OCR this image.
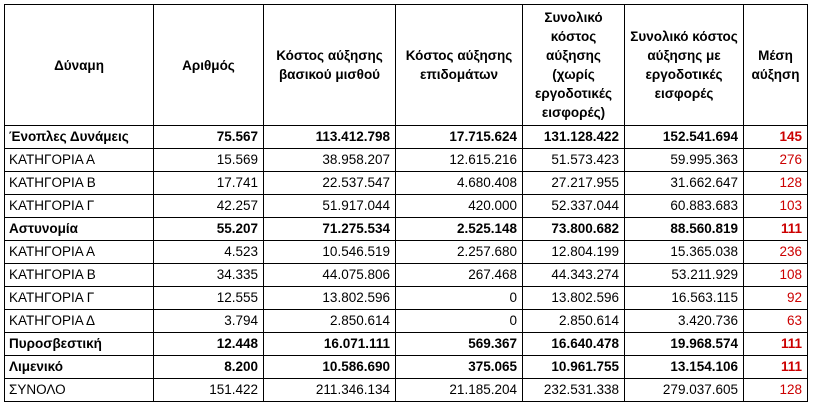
Δύναμη	Αριθμός	Κόστος αύξησης βασικού μισθού	Κόστος αύξησης επιδομάτων	Συνολικό κόστος αύξησης (χωρίς εργοδοτικές εισφορές)	Συνολικό κόστος αύξησης με εργοδοτικές εισφορές	Μέση αύξηση
Ένοπλες Δυνάμεις	75.567	113.412.798	17.715.624	131.128.422	152.541.694	145
ΚΑΤΗΓΟΡΙΑ Α	15.569	38.958.207	12.615.216	51.573.423	59.995.363	276
ΚΑΤΗΓΟΡΙΑ Β	17.741	22.537.547	4.680.408	27.217.955	31.662.647	128
ΚΑΤΗΓΟΡΙΑ Γ	42.257	51.917.044	420.000	52.337.044	60.883.683	103
Αστυνομία	55.207	71.275.534	2.525.148	73.800.682	88.560.819	111
ΚΑΤΗΓΟΡΙΑ Α	4.523	10.546.519	2.257.680	12.804.199	15.365.038	236
ΚΑΤΗΓΟΡΙΑ Β	34.335	44.075.806	267.468	44.343.274	53.211.929	108
ΚΑΤΗΓΟΡΙΑ Γ	12.555	13.802.596	0	13.802.596	16.563.115	92
ΚΑΤΗΓΟΡΙΑ Δ	3.794	2.850.614	0	2.850.614	3.420.736	63
Πυροσβεστική	12.448	16.071.111	569.367	16.640.478	19.968.574	111
Λιμενικό	8.200	10.586.690	375.065	10.961.755	13.154.106	111
ΣΥΝΟΛΟ	151.422	211.346.134	21.185.204	232.531.338	279.037.605	128
